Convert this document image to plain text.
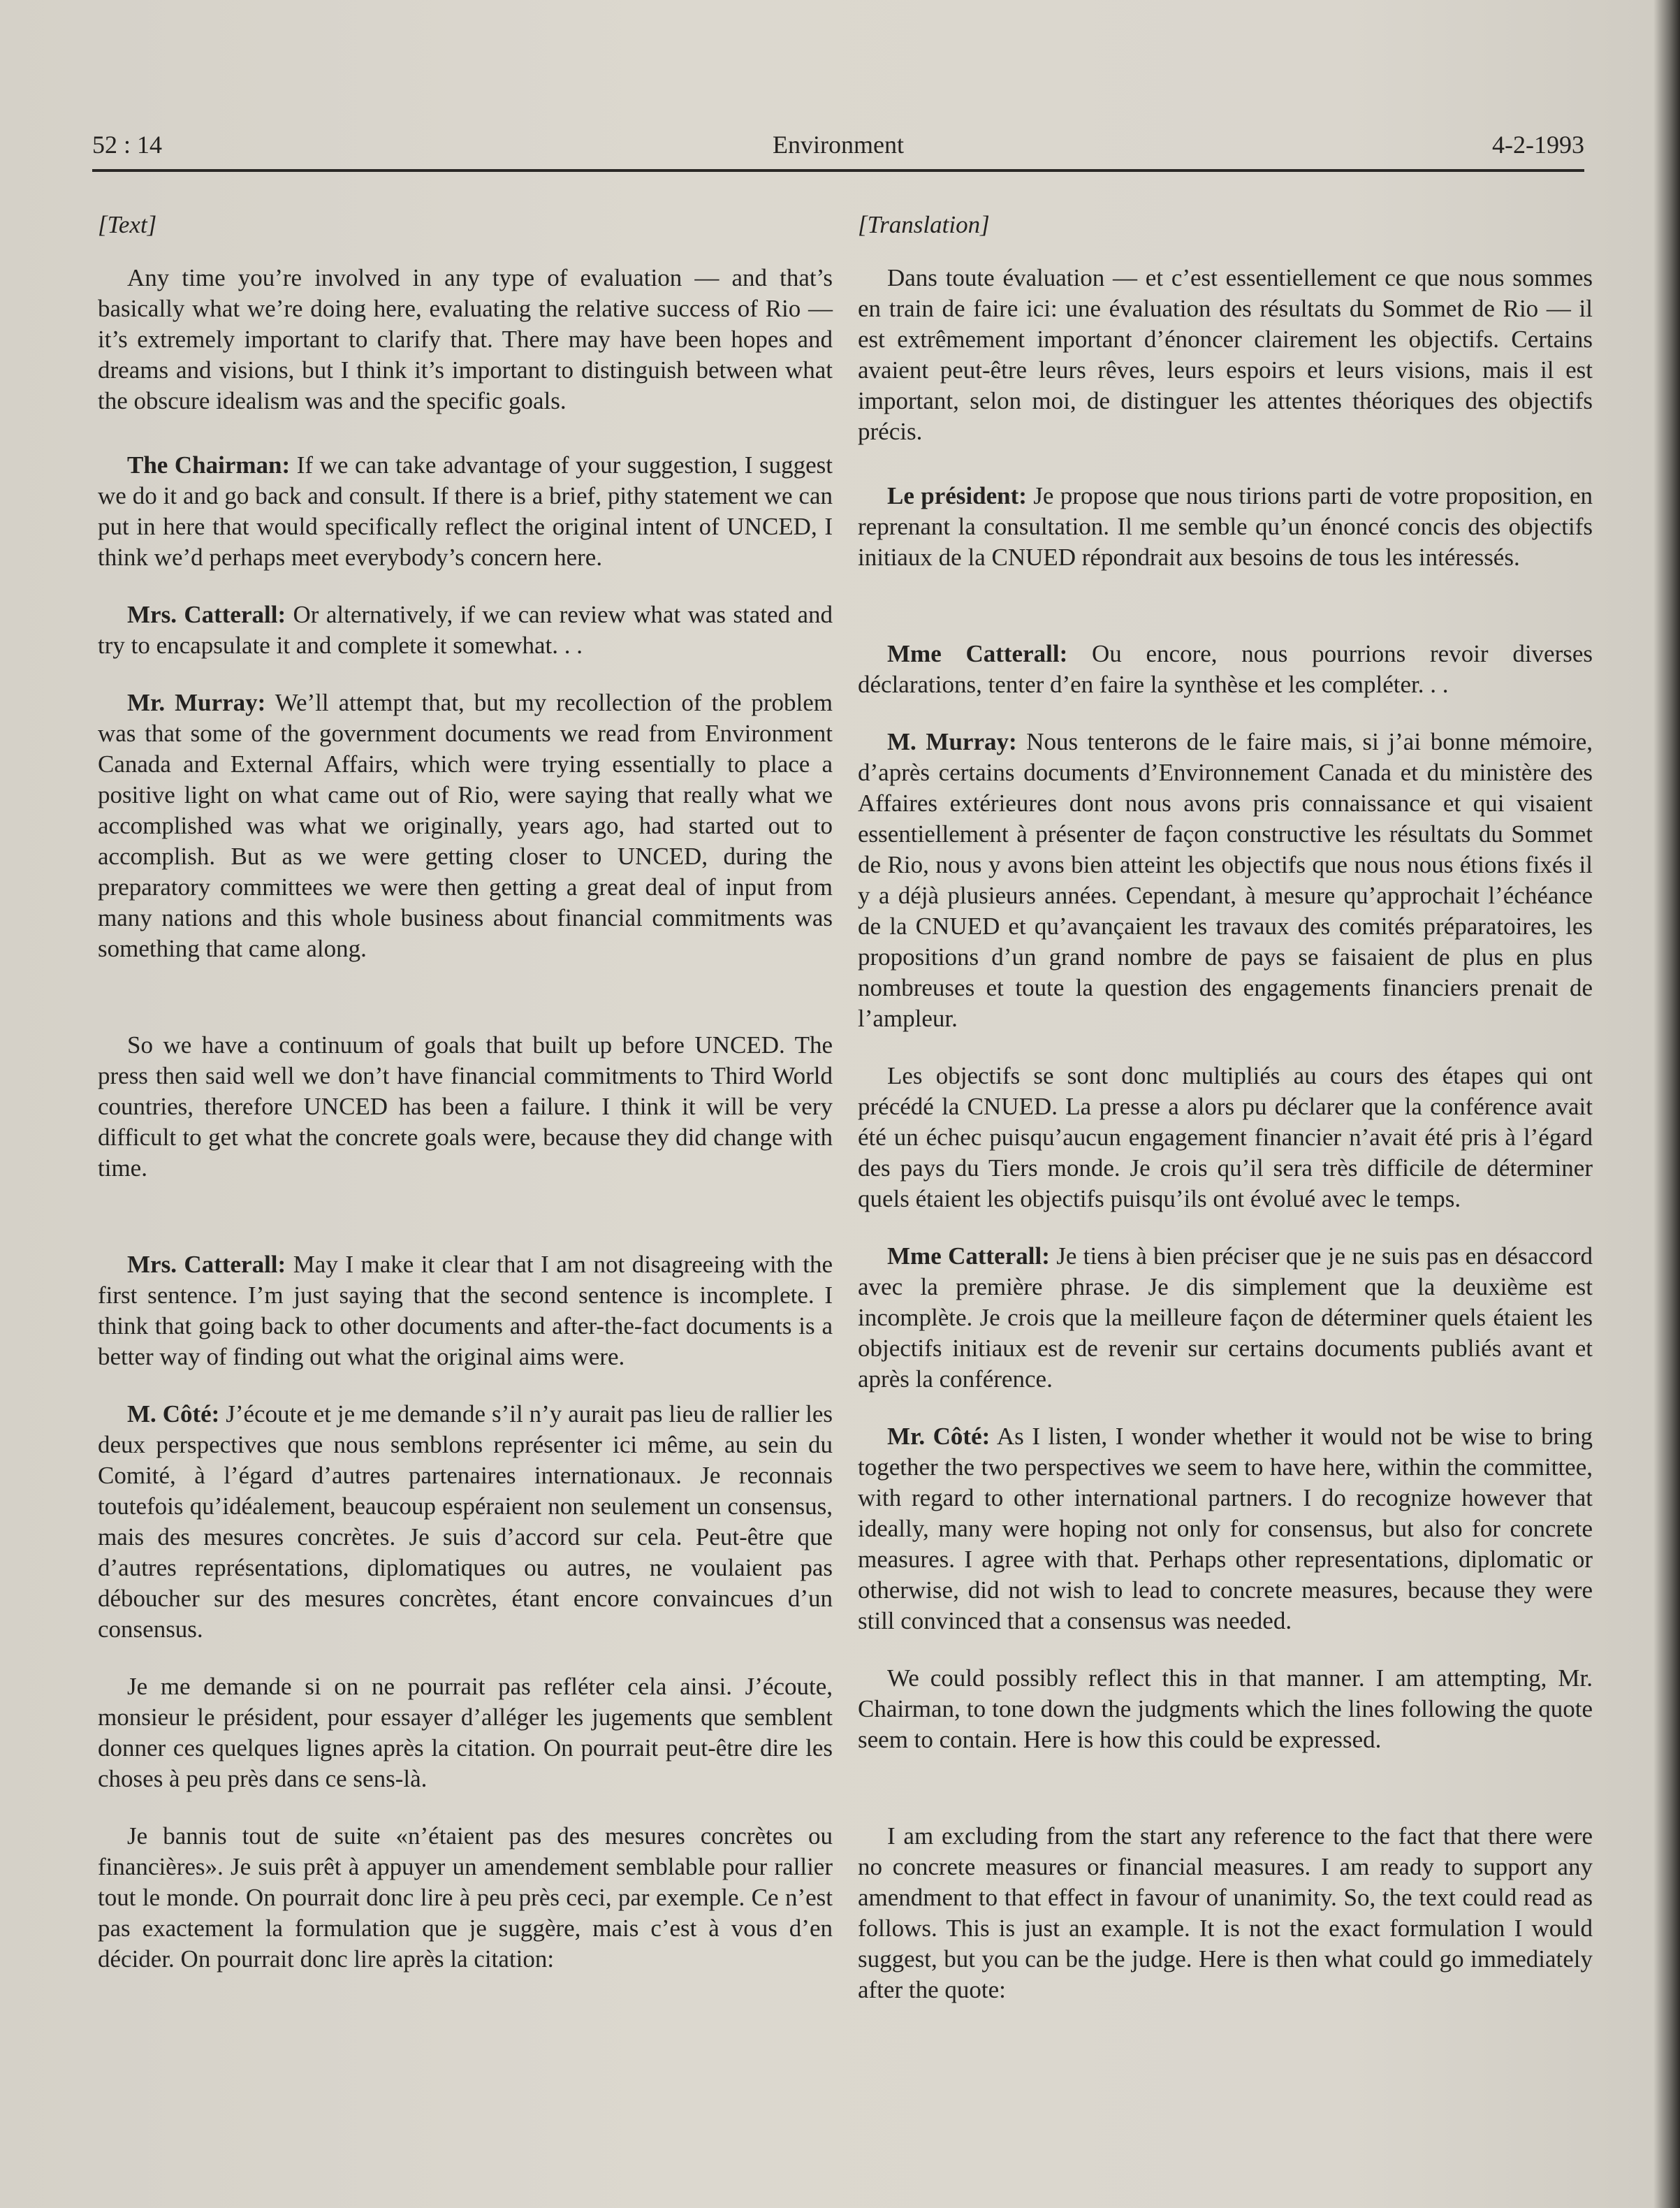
52 : 14	Environment	4-2-1993

[Text]

Any time you’re involved in any type of evaluation — and that’s basically what we’re doing here, evaluating the relative success of Rio — it’s extremely important to clarify that. There may have been hopes and dreams and visions, but I think it’s important to distinguish between what the obscure idealism was and the specific goals.

The Chairman: If we can take advantage of your suggestion, I suggest we do it and go back and consult. If there is a brief, pithy statement we can put in here that would specifically reflect the original intent of UNCED, I think we’d perhaps meet everybody’s concern here.

Mrs. Catterall: Or alternatively, if we can review what was stated and try to encapsulate it and complete it somewhat. . .

Mr. Murray: We’ll attempt that, but my recollection of the problem was that some of the government documents we read from Environment Canada and External Affairs, which were trying essentially to place a positive light on what came out of Rio, were saying that really what we accomplished was what we originally, years ago, had started out to accomplish. But as we were getting closer to UNCED, during the preparatory committees we were then getting a great deal of input from many nations and this whole business about financial commitments was something that came along.

So we have a continuum of goals that built up before UNCED. The press then said well we don’t have financial commitments to Third World countries, therefore UNCED has been a failure. I think it will be very difficult to get what the concrete goals were, because they did change with time.

Mrs. Catterall: May I make it clear that I am not disagreeing with the first sentence. I’m just saying that the second sentence is incomplete. I think that going back to other documents and after-the-fact documents is a better way of finding out what the original aims were.

M. Côté: J’écoute et je me demande s’il n’y aurait pas lieu de rallier les deux perspectives que nous semblons représenter ici même, au sein du Comité, à l’égard d’autres partenaires internationaux. Je reconnais toutefois qu’idéalement, beaucoup espéraient non seulement un consensus, mais des mesures concrètes. Je suis d’accord sur cela. Peut-être que d’autres représentations, diplomatiques ou autres, ne voulaient pas déboucher sur des mesures concrètes, étant encore convaincues d’un consensus.

Je me demande si on ne pourrait pas refléter cela ainsi. J’écoute, monsieur le président, pour essayer d’alléger les jugements que semblent donner ces quelques lignes après la citation. On pourrait peut-être dire les choses à peu près dans ce sens-là.

Je bannis tout de suite «n’étaient pas des mesures concrètes ou financières». Je suis prêt à appuyer un amendement semblable pour rallier tout le monde. On pourrait donc lire à peu près ceci, par exemple. Ce n’est pas exactement la formulation que je suggère, mais c’est à vous d’en décider. On pourrait donc lire après la citation:

[Translation]

Dans toute évaluation — et c’est essentiellement ce que nous sommes en train de faire ici: une évaluation des résultats du Sommet de Rio — il est extrêmement important d’énoncer clairement les objectifs. Certains avaient peut-être leurs rêves, leurs espoirs et leurs visions, mais il est important, selon moi, de distinguer les attentes théoriques des objectifs précis.

Le président: Je propose que nous tirions parti de votre proposition, en reprenant la consultation. Il me semble qu’un énoncé concis des objectifs initiaux de la CNUED répondrait aux besoins de tous les intéressés.

Mme Catterall: Ou encore, nous pourrions revoir diverses déclarations, tenter d’en faire la synthèse et les compléter. . .

M. Murray: Nous tenterons de le faire mais, si j’ai bonne mémoire, d’après certains documents d’Environnement Canada et du ministère des Affaires extérieures dont nous avons pris connaissance et qui visaient essentiellement à présenter de façon constructive les résultats du Sommet de Rio, nous y avons bien atteint les objectifs que nous nous étions fixés il y a déjà plusieurs années. Cependant, à mesure qu’approchait l’échéance de la CNUED et qu’avançaient les travaux des comités préparatoires, les propositions d’un grand nombre de pays se faisaient de plus en plus nombreuses et toute la question des engagements financiers prenait de l’ampleur.

Les objectifs se sont donc multipliés au cours des étapes qui ont précédé la CNUED. La presse a alors pu déclarer que la conférence avait été un échec puisqu’aucun engagement financier n’avait été pris à l’égard des pays du Tiers monde. Je crois qu’il sera très difficile de déterminer quels étaient les objectifs puisqu’ils ont évolué avec le temps.

Mme Catterall: Je tiens à bien préciser que je ne suis pas en désaccord avec la première phrase. Je dis simplement que la deuxième est incomplète. Je crois que la meilleure façon de déterminer quels étaient les objectifs initiaux est de revenir sur certains documents publiés avant et après la conférence.

Mr. Côté: As I listen, I wonder whether it would not be wise to bring together the two perspectives we seem to have here, within the committee, with regard to other international partners. I do recognize however that ideally, many were hoping not only for consensus, but also for concrete measures. I agree with that. Perhaps other representations, diplomatic or otherwise, did not wish to lead to concrete measures, because they were still convinced that a consensus was needed.

We could possibly reflect this in that manner. I am attempting, Mr. Chairman, to tone down the judgments which the lines following the quote seem to contain. Here is how this could be expressed.

I am excluding from the start any reference to the fact that there were no concrete measures or financial measures. I am ready to support any amendment to that effect in favour of unanimity. So, the text could read as follows. This is just an example. It is not the exact formulation I would suggest, but you can be the judge. Here is then what could go immediately after the quote:
